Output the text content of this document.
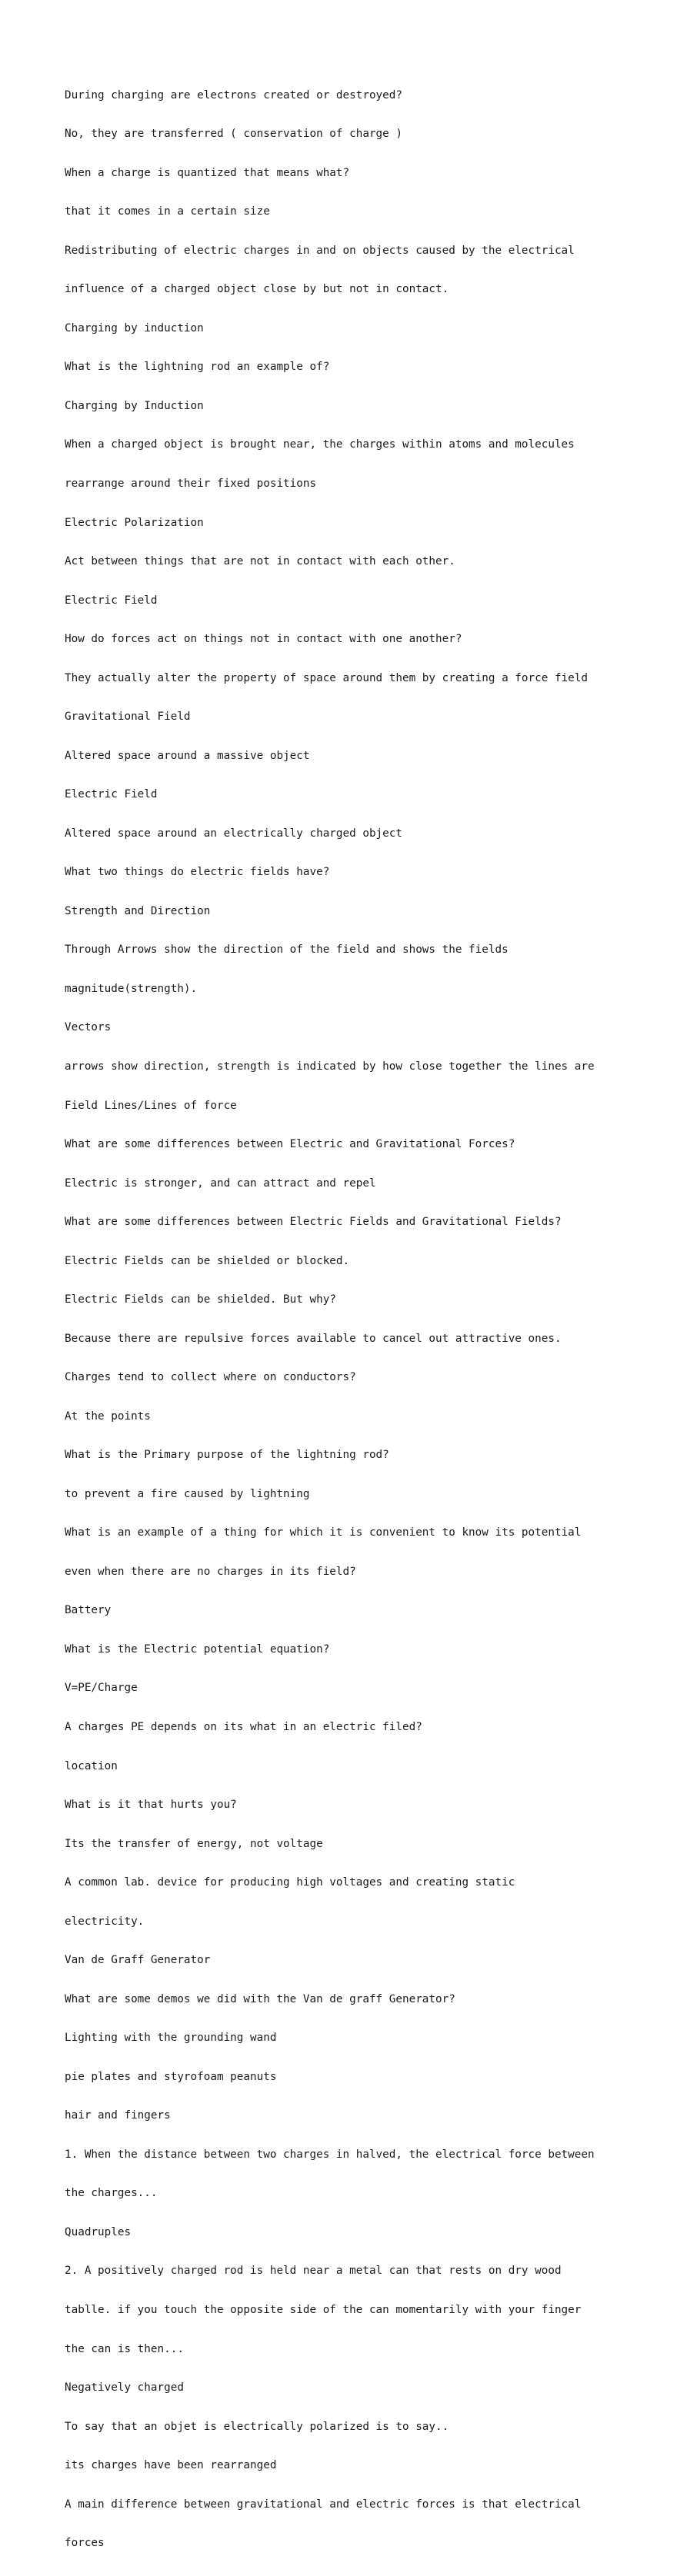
During charging are electrons created or destroyed?

No, they are transferred ( conservation of charge )

When a charge is quantized that means what?

that it comes in a certain size

Redistributing of electric charges in and on objects caused by the electrical

influence of a charged object close by but not in contact.

Charging by induction

What is the lightning rod an example of?

Charging by Induction

When a charged object is brought near, the charges within atoms and molecules

rearrange around their fixed positions

Electric Polarization

Act between things that are not in contact with each other.

Electric Field

How do forces act on things not in contact with one another?

They actually alter the property of space around them by creating a force field

Gravitational Field

Altered space around a massive object

Electric Field

Altered space around an electrically charged object

What two things do electric fields have?

Strength and Direction

Through Arrows show the direction of the field and shows the fields

magnitude(strength).

Vectors

arrows show direction, strength is indicated by how close together the lines are

Field Lines/Lines of force

What are some differences between Electric and Gravitational Forces?

Electric is stronger, and can attract and repel

What are some differences between Electric Fields and Gravitational Fields?

Electric Fields can be shielded or blocked.

Electric Fields can be shielded. But why?

Because there are repulsive forces available to cancel out attractive ones.

Charges tend to collect where on conductors?

At the points

What is the Primary purpose of the lightning rod?

to prevent a fire caused by lightning

What is an example of a thing for which it is convenient to know its potential

even when there are no charges in its field?

Battery

What is the Electric potential equation?

V=PE/Charge

A charges PE depends on its what in an electric filed?

location

What is it that hurts you?

Its the transfer of energy, not voltage

A common lab. device for producing high voltages and creating static

electricity.

Van de Graff Generator

What are some demos we did with the Van de graff Generator?

Lighting with the grounding wand

pie plates and styrofoam peanuts

hair and fingers

1. When the distance between two charges in halved, the electrical force between

the charges...

Quadruples

2. A positively charged rod is held near a metal can that rests on dry wood

tablle. if you touch the opposite side of the can momentarily with your finger

the can is then...

Negatively charged

To say that an objet is electrically polarized is to say..

its charges have been rearranged

A main difference between gravitational and electric forces is that electrical

forces
